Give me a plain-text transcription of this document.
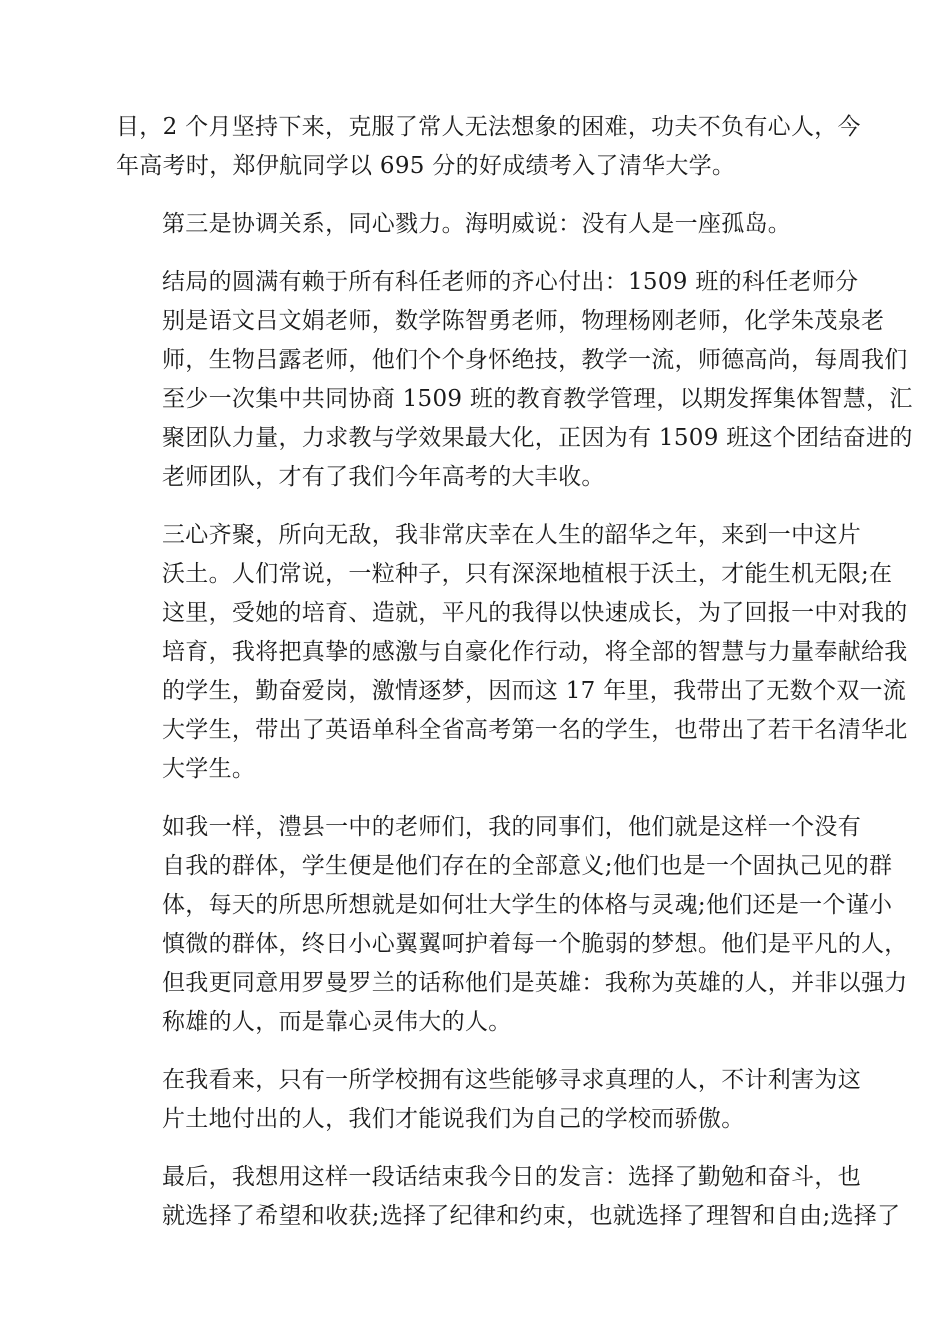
目，2 个月坚持下来，克服了常人无法想象的困难，功夫不负有心人，今
年高考时，郑伊航同学以 695 分的好成绩考入了清华大学。

第三是协调关系，同心戮力。海明威说：没有人是一座孤岛。

结局的圆满有赖于所有科任老师的齐心付出：1509 班的科任老师分
别是语文吕文娟老师，数学陈智勇老师，物理杨刚老师，化学朱茂泉老
师，生物吕露老师，他们个个身怀绝技，教学一流，师德高尚，每周我们
至少一次集中共同协商 1509 班的教育教学管理，以期发挥集体智慧，汇
聚团队力量，力求教与学效果最大化，正因为有 1509 班这个团结奋进的
老师团队，才有了我们今年高考的大丰收。

三心齐聚，所向无敌，我非常庆幸在人生的韶华之年，来到一中这片
沃土。人们常说，一粒种子，只有深深地植根于沃土，才能生机无限;在
这里，受她的培育、造就，平凡的我得以快速成长，为了回报一中对我的
培育，我将把真挚的感激与自豪化作行动，将全部的智慧与力量奉献给我
的学生，勤奋爱岗，激情逐梦，因而这 17 年里，我带出了无数个双一流
大学生，带出了英语单科全省高考第一名的学生，也带出了若干名清华北
大学生。

如我一样，澧县一中的老师们，我的同事们，他们就是这样一个没有
自我的群体，学生便是他们存在的全部意义;他们也是一个固执己见的群
体，每天的所思所想就是如何壮大学生的体格与灵魂;他们还是一个谨小
慎微的群体，终日小心翼翼呵护着每一个脆弱的梦想。他们是平凡的人，
但我更同意用罗曼罗兰的话称他们是英雄：我称为英雄的人，并非以强力
称雄的人，而是靠心灵伟大的人。

在我看来，只有一所学校拥有这些能够寻求真理的人，不计利害为这
片土地付出的人，我们才能说我们为自己的学校而骄傲。

最后，我想用这样一段话结束我今日的发言：选择了勤勉和奋斗，也
就选择了希望和收获;选择了纪律和约束，也就选择了理智和自由;选择了
